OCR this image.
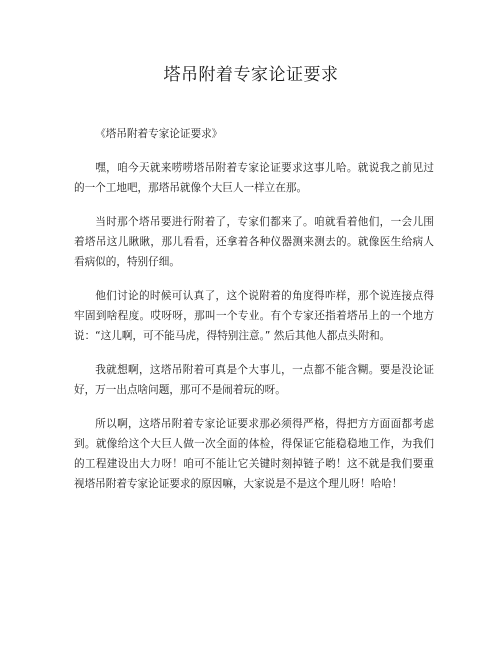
塔吊附着专家论证要求

《塔吊附着专家论证要求》

嘿，咱今天就来唠唠塔吊附着专家论证要求这事儿哈。就说我之前见过的一个工地吧，那塔吊就像个大巨人一样立在那。

当时那个塔吊要进行附着了，专家们都来了。咱就看着他们，一会儿围着塔吊这儿瞅瞅，那儿看看，还拿着各种仪器测来测去的。就像医生给病人看病似的，特别仔细。

他们讨论的时候可认真了，这个说附着的角度得咋样，那个说连接点得牢固到啥程度。哎呀呀，那叫一个专业。有个专家还指着塔吊上的一个地方说：“这儿啊，可不能马虎，得特别注意。” 然后其他人都点头附和。

我就想啊，这塔吊附着可真是个大事儿，一点都不能含糊。要是没论证好，万一出点啥问题，那可不是闹着玩的呀。

所以啊，这塔吊附着专家论证要求那必须得严格，得把方方面面都考虑到。就像给这个大巨人做一次全面的体检，得保证它能稳稳地工作，为我们的工程建设出大力呀！咱可不能让它关键时刻掉链子哟！这不就是我们要重视塔吊附着专家论证要求的原因嘛，大家说是不是这个理儿呀！哈哈！
